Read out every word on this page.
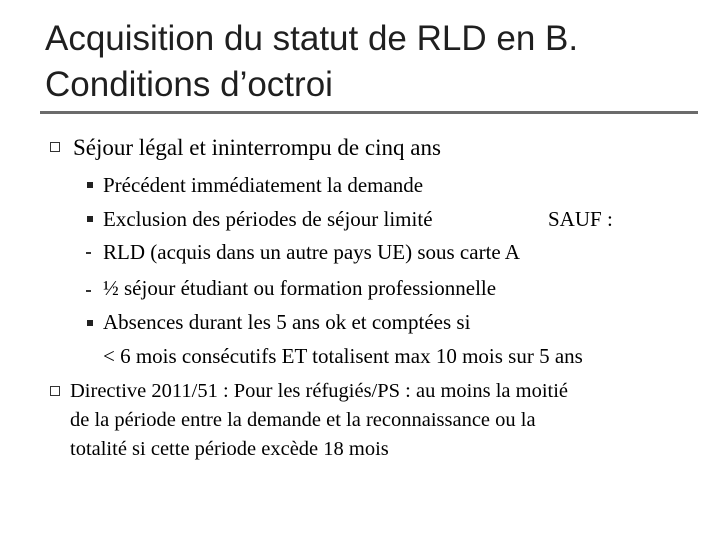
Acquisition du statut de RLD en B.
Conditions d’octroi
Séjour légal et ininterrompu de cinq ans
Précédent immédiatement la demande
Exclusion des périodes de séjour limité	SAUF :
RLD (acquis dans un autre pays UE) sous carte A
½ séjour étudiant ou formation professionnelle
Absences durant les 5 ans ok et comptées si
< 6 mois consécutifs ET totalisent max 10 mois sur 5 ans
Directive 2011/51 : Pour les réfugiés/PS : au moins la moitié
de la période entre la demande et la reconnaissance ou la
totalité si cette période excède 18 mois
